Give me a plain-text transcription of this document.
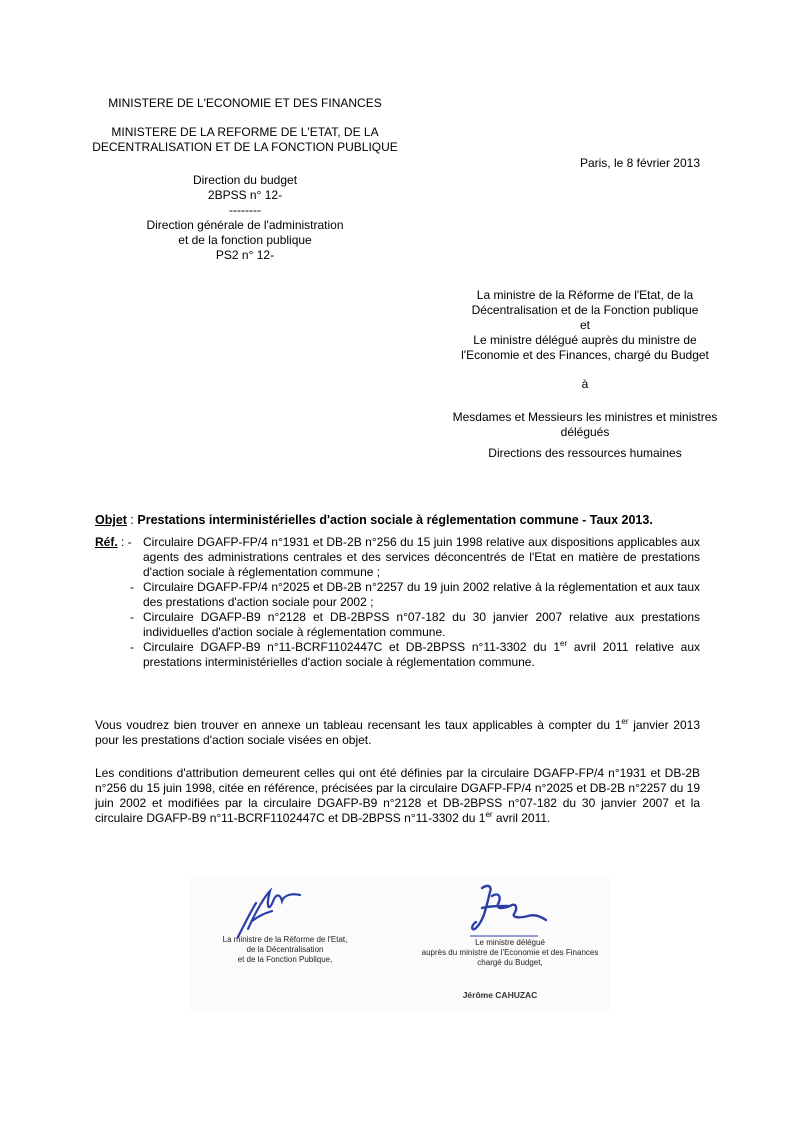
MINISTERE DE L'ECONOMIE ET DES FINANCES
MINISTERE DE LA REFORME DE L'ETAT, DE LA
DECENTRALISATION ET DE LA FONCTION PUBLIQUE
Paris, le 8 février 2013
Direction du budget
2BPSS n° 12-
--------
Direction générale de l'administration
et de la fonction publique
PS2 n° 12-
La ministre de la Réforme de l'Etat, de la
Décentralisation et de la Fonction publique
et
Le ministre délégué auprès du ministre de
l'Economie et des Finances, chargé du Budget
à
Mesdames et Messieurs les ministres et ministres
délégués
Directions des ressources humaines
Objet : Prestations interministérielles d'action sociale à réglementation commune - Taux 2013.
Réf. : - Circulaire DGAFP-FP/4 n°1931 et DB-2B n°256 du 15 juin 1998 relative aux dispositions applicables aux agents des administrations centrales et des services déconcentrés de l'Etat en matière de prestations d'action sociale à réglementation commune ;
- Circulaire DGAFP-FP/4 n°2025 et DB-2B n°2257 du 19 juin 2002 relative à la réglementation et aux taux des prestations d'action sociale pour 2002 ;
- Circulaire DGAFP-B9 n°2128 et DB-2BPSS n°07-182 du 30 janvier 2007 relative aux prestations individuelles d'action sociale à réglementation commune.
- Circulaire DGAFP-B9 n°11-BCRF1102447C et DB-2BPSS n°11-3302 du 1er avril 2011 relative aux prestations interministérielles d'action sociale à réglementation commune.

Vous voudrez bien trouver en annexe un tableau recensant les taux applicables à compter du 1er janvier 2013 pour les prestations d'action sociale visées en objet.

Les conditions d'attribution demeurent celles qui ont été définies par la circulaire DGAFP-FP/4 n°1931 et DB-2B n°256 du 15 juin 1998, citée en référence, précisées par la circulaire DGAFP-FP/4 n°2025 et DB-2B n°2257 du 19 juin 2002 et modifiées par la circulaire DGAFP-B9 n°2128 et DB-2BPSS n°07-182 du 30 janvier 2007 et la circulaire DGAFP-B9 n°11-BCRF1102447C et DB-2BPSS n°11-3302 du 1er avril 2011.

La ministre de la Réforme de l'Etat,
de la Décentralisation
et de la Fonction Publique,
Le ministre délégué
auprès du ministre de l'Economie et des Finances
chargé du Budget,
Jérôme CAHUZAC
